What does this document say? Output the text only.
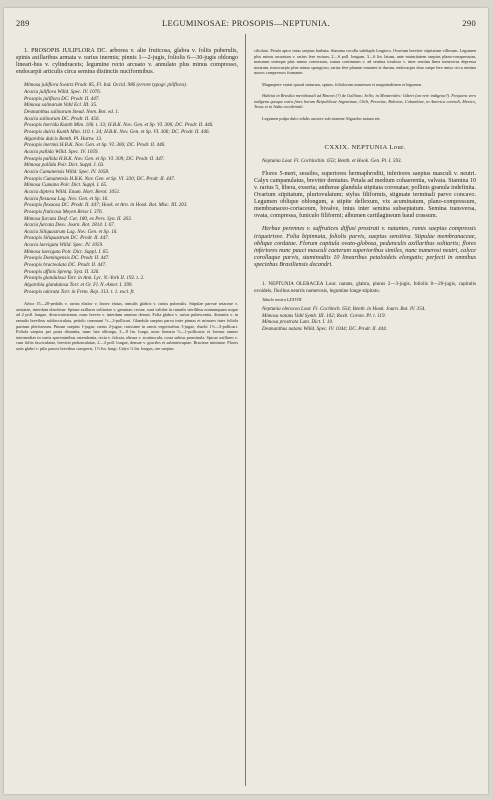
289	LEGUMINOSAE: PROSOPIS—NEPTUNIA.	290

1. PROSOPIS JULIFLORA DC. arborea v. alte fruticosa, glabra v. foliis puberulis, spinis axillaribus armata v. rarius inermis; pinnis 1—2-jugis, foliolis 6—30-jugis oblongo lineari-bus v. cylindraceis; legumine recto arcuato v. annulato plus minus compresso, endocarpii articulis circa semina distinctis nuciformibus.

Mimosa juliflora Swartz Prodr. 85, Fl. Ind. Occid. 986 (errore typogr. piliflora).

Acacia juliflora Willd. Spec. IV. 1076.

Prosopis juliflora DC. Prodr. II. 447.

Mimosa salinarum Vahl Ecl. III. 35.

Desmanthus salinarum Steud. Nom. Bot. ed. 1.

Acacia salinarum DC. Prodr. II. 456.

Prosopis horrida Kunth Mim. 106. t. 33; H.B.K. Nov. Gen. et Sp. VI. 306; DC. Prodr. II. 446.

Prosopis dulcis Kunth Mim. 110. t. 34; H.B.K. Nov. Gen. et Sp. VI. 306; DC. Prodr. II. 446.

Algarobia dulcis Benth. Pl. Hartw. 13.

Prosopis inermis H.B.K. Nov. Gen. et Sp. VI. 306; DC. Prodr. II. 446.

Acacia pallida Willd. Spec. IV. 1059.

Prosopis pallida H.B.K. Nov. Gen. et Sp. VI. 309; DC. Prodr. II. 447.

Mimosa pallida Poir. Dict. Suppl. I. 63.

Acacia Cumanensis Willd. Spec. IV. 1058.

Prosopis Cumanensis H.B.K. Nov. Gen. et Sp. VI. 330; DC. Prodr. II. 447.

Mimosa Cumana Poir. Dict. Suppl. I. 65.

Acacia diptera Willd. Enum. Hort. Berol. 1051.

Acacia flexuosa Lag. Nov. Gen. et Sp. 16.

Prosopis flexuosa DC. Prodr. II. 447; Hook. et Arn. in Hook. Bot. Misc. III. 203.

Prosopis fruticosa Meyen Reise I. 376.

Mimosa furcata Desf. Cat. 180, ex Pers. Syn. II. 263.

Acacia furcata Desv. Journ. Bot. 1814. I. 67.

Acacia Siliquastrum Lag. Nov. Gen. et Sp. 16.

Prosopis Siliquastrum DC. Prodr. II. 447.

Acacia laevigata Willd. Spec. IV. 1059.

Mimosa laevigata Poir. Dict. Suppl. I. 65.

Prosopis Domingensis DC. Prodr. II. 447.

Prosopis bracteolata DC. Prodr. II. 447.

Prosopis affinis Spreng. Syst. II. 326.

Prosopis glandulosa Torr. in Ann. Lyc. N.-York II. 192. t. 2.

Algarobia glandulosa Torr. et Gr. Fl. N.-Amer. I. 399.

Prosopis odorata Torr. in Frem. Rep. 313. t. 1. excl. fr.

Arbor 15—20-pedalis v. rarius elatior v. frutex elatus, ramulis glabris v. rarius puberulis. Stipulae parvae setaceae v. aristatae, interdum obsoletae. Spinae axillares solitariae v. geminae, rectae, sunt validae in ramulis sterilibus nonnunquam usque ad 2 poll. longae, divaricatissimae, nunc breves v. interdum omnino desunt. Folia glabra v. rarius pubescentia, distantia v. in ramulis brevibus subfasciculata, petiolo communi ½—2-pollicari. Glandula saepius parva inter pinnas et minores inter foliola partium plerisrerum. Pinnae saepius 1-jugae, rarius 2-jugae, rarissime in ramis vegetioribus 3-jugae, rhachi 1½—3-pollicari. Foliola saepius per porta distantia, nunc late oblonga, 3—8 lin. longa, nunc linearia ½—1-pollicaria et formas omnes intermedias in variis speciminibus ostendentia, recta v. falcata, obtusa v. acutiuscula, costa subtus prominula. Spicae axillares v. cum foliis fasciculatae, breviter pedunculatae, 2—4 poll. longae, densae v. graciles et subinterruptae. Bracteae minimae. Flores satis glabri v. pilis paucis brevibus conspersi, 1½ lin. longi. Calyx ½ lin. longus, ore saepius

ciliolato. Petala apice intus saepius barbata. Stamina corolla subduplo longiora. Ovarium breviter stipitatum villosum. Legumen plus minus arcuatum v. rarius fere rectum, 2—6 poll. longum, 3—6 lin. latum, ante maturitatem saepius plano-compressum, maturum utrinque plus minus convexum, sutura continuum v. ad semina toruloso v. inter semina linea transversa depressa notatum, mesocarpio plus minus spongioso, rarius fere planum remanet et durum, endocarpio duro saepe fere uniso circa semina muros compressos formante.

Magnopere variat quoad staturam, spinas, foliolorum numerum et magnitudinem et legumen.

Habitat in Brasilia meridionali ad Rineon (?) de Gallinas: Sello; in Montevideo: Gibert (an vere indigena?). Frequens vero indigena quoque extra fines horum Reipublicae Argentinae, Chili, Peruviae, Boliviae, Columbiae, in America centrali, Mexico, Texas et in India occidentali.

Legumen pulpa dulci edulis auctore sub nomine Algarobo notum est.

CXXIX. NEPTUNIA Lour.

Neptunia Lour. Fl. Cochinchin. 653; Benth. et Hook. Gen. Pl. I. 593.

Flores 5-meri, sessiles, superiores hermaphroditi, inferiores saepius masculi v. neutri. Calyx campanulatus, breviter dentatus. Petala ad medium cohaerentia, valvata. Stamina 10 v. rarius 5, libera, exserta; antherae glandula stipitata coronatae; pollinis granula indefinita. Ovarium stipitatum, pluriovulatum; stylus filiformis, stigmate terminali parvo concavo. Legumen oblique oblongum, a stipite deflexum, vix acuminatum, plano-compressum, membranaceo-coriaceum, bivalve, intus inter semina subseptatum. Semina transversa, ovata, compressa, funiculo filiformi; albumen cartilagineum haud crassum.

Herbae perennes v. suffrutices diffusi prostrati v. natantes, ramis saepius compressis triquetrisve. Folia bipinnata, foliolis parvis, saepius sensitiva. Stipulae membranaceae, oblique cordatae. Florum capitula ovato-globosa, pedunculis axillaribus solitariis; flores inferiores nunc pauci masculi caeterum superioribus similes, nunc numerosi neutri, calyce corollaque parvis, staminodiis 10 linearibus petaloideis elongatis; perfecti in omnibus speciebus Brasiliensis decandri.

1. NEPTUNIA OLERACEA Lour. natans, glabra, pinnis 2—3-jugis, foliolis 8—20-jugis, capitulis ovoideis, floribus neutris numerosis, legumine longe stipitato.

Tabula nostra LXXVIII.

Neptunia oleracea Lour. Fl. Cochinch. 654; Benth. in Hook. Journ. Bot. IV. 354.

Mimosa natans Vahl Symb. III. 102; Roxb. Corom. Pl. t. 119.

Mimosa prostrata Lam. Dict. I. 10.

Desmanthus natans Willd. Spec. IV. 1044; DC. Prodr. II. 444.
